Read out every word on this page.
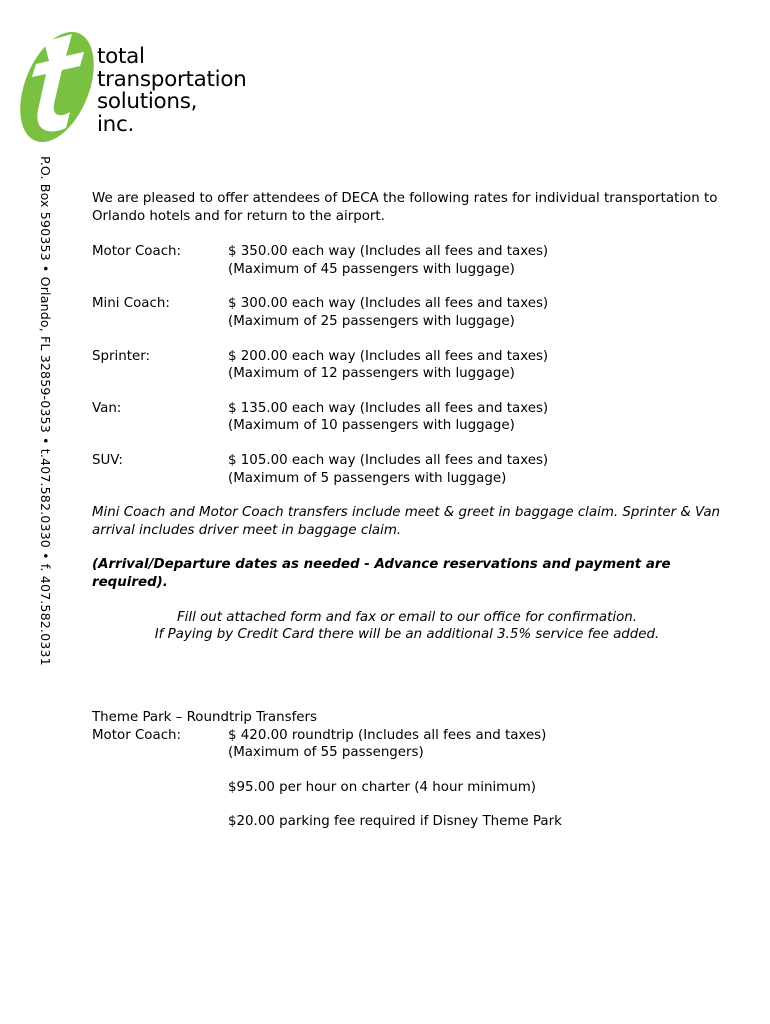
total
transportation
solutions,
inc.
P.O. Box 590353 • Orlando, FL 32859-0353 • t.407.582.0330 • f. 407.582.0331	We are pleased to offer attendees of DECA the following rates for individual transportation to Orlando hotels and for return to the airport.

Motor Coach:	$ 350.00 each way (Includes all fees and taxes)
(Maximum of 45 passengers with luggage)
Mini Coach:	$ 300.00 each way (Includes all fees and taxes)
(Maximum of 25 passengers with luggage)
Sprinter:	$ 200.00 each way (Includes all fees and taxes)
(Maximum of 12 passengers with luggage)
Van:	$ 135.00 each way (Includes all fees and taxes)
(Maximum of 10 passengers with luggage)
SUV:	$ 105.00 each way (Includes all fees and taxes)
(Maximum of 5 passengers with luggage)

Mini Coach and Motor Coach transfers include meet & greet in baggage claim. Sprinter & Van arrival includes driver meet in baggage claim.

(Arrival/Departure dates as needed - Advance reservations and payment are required).

Fill out attached form and fax or email to our office for confirmation.

If Paying by Credit Card there will be an additional 3.5% service fee added.

Theme Park – Roundtrip Transfers
Motor Coach:	$ 420.00 roundtrip (Includes all fees and taxes)
(Maximum of 55 passengers)
$95.00 per hour on charter (4 hour minimum)
$20.00 parking fee required if Disney Theme Park
